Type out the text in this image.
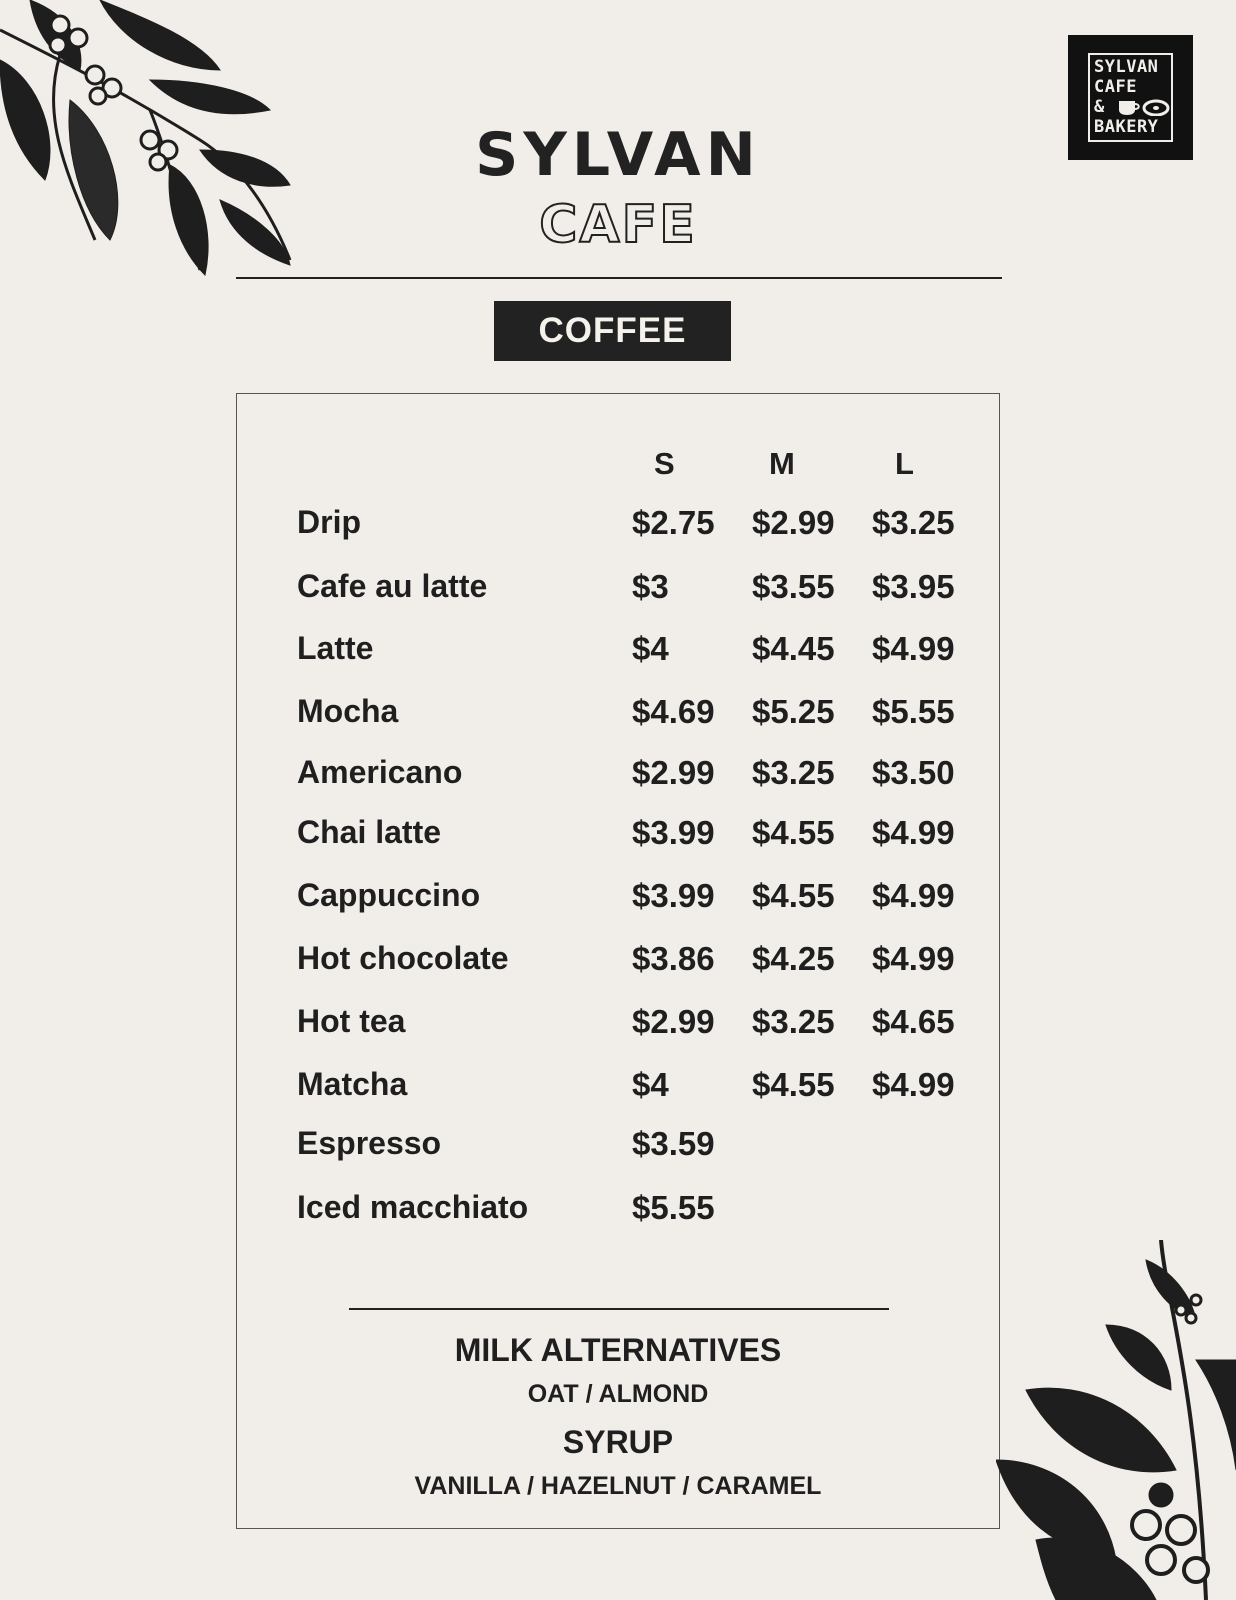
SYLVAN
CAFE
&
BAKERY
SYLVAN
CAFE
COFFEE
S	M	L
Drip	$2.75 $2.99 $3.25
Cafe au latte	$3	$3.55 $3.95
Latte	$4	$4.45 $4.99
Mocha	$4.69 $5.25 $5.55
Americano	$2.99 $3.25 $3.50
Chai latte	$3.99 $4.55 $4.99
Cappuccino	$3.99 $4.55 $4.99
Hot chocolate	$3.86 $4.25 $4.99
Hot tea	$2.99 $3.25 $4.65
Matcha	$4	$4.55 $4.99
Espresso	$3.59
Iced macchiato	$5.55
MILK ALTERNATIVES
OAT / ALMOND
SYRUP
VANILLA / HAZELNUT / CARAMEL
